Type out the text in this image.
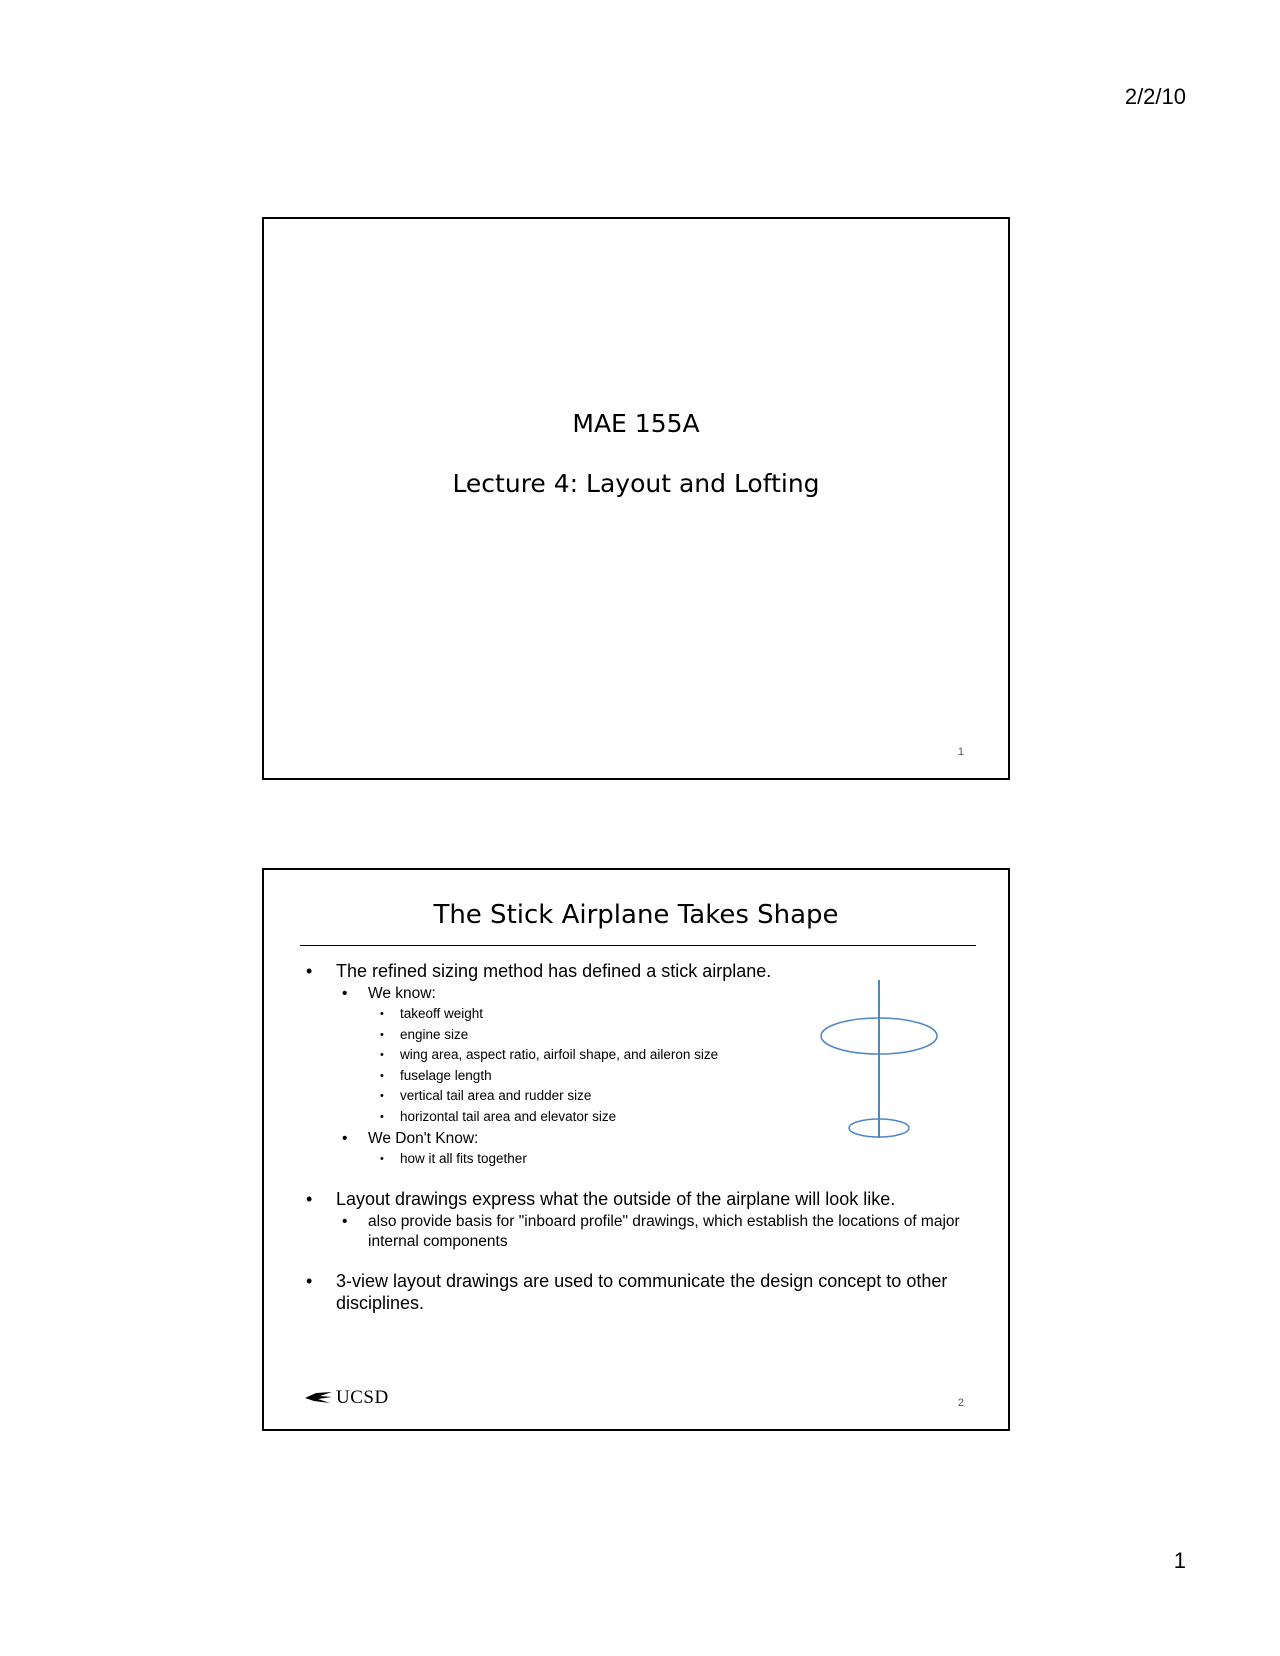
2/2/10
MAE 155A
Lecture 4: Layout and Lofting
1
The Stick Airplane Takes Shape
• The refined sizing method has defined a stick airplane.
• We know:
• takeoff weight
• engine size
• wing area, aspect ratio, airfoil shape, and aileron size
• fuselage length
• vertical tail area and rudder size
• horizontal tail area and elevator size
• We Don't Know:
• how it all fits together
• Layout drawings express what the outside of the airplane will look like.
• also provide basis for "inboard profile" drawings, which establish the locations of major internal components
• 3-view layout drawings are used to communicate the design concept to other disciplines.
UCSD	2
1
